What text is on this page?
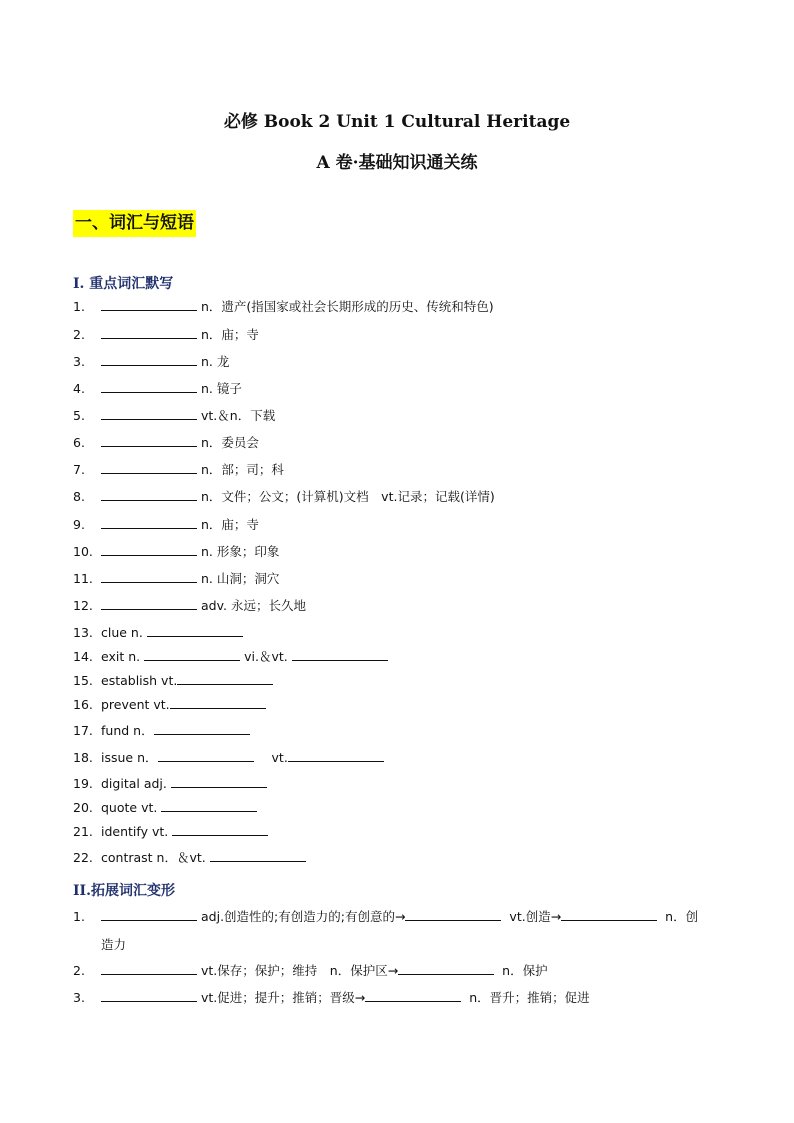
必修 Book 2 Unit 1 Cultural Heritage
A 卷·基础知识通关练
一、词汇与短语
I. 重点词汇默写
1.	n．遗产(指国家或社会长期形成的历史、传统和特色)
2.	n．庙；寺
3.	n. 龙
4.	n. 镜子
5.	vt.＆n．下载
6.	n．委员会
7.	n．部；司；科
8.	n．文件；公文；(计算机)文档　vt.记录；记载(详情)
9.	n．庙；寺
10.	n. 形象；印象
11.	n. 山洞；洞穴
12.	adv. 永远；长久地
13. clue n.
14. exit n.	vi.＆vt.
15. establish vt.
16. prevent vt.
17. fund n．
18. issue n．	vt.
19. digital adj.
20. quote vt.
21. identify vt.
22. contrast n．＆vt.
II.拓展词汇变形
1.	adj.创造性的;有创造力的;有创意的→	vt.创造→	n．创
造力
2.	vt.保存；保护；维持　n．保护区→	n．保护
3.	vt.促进；提升；推销；晋级→	n．晋升；推销；促进
